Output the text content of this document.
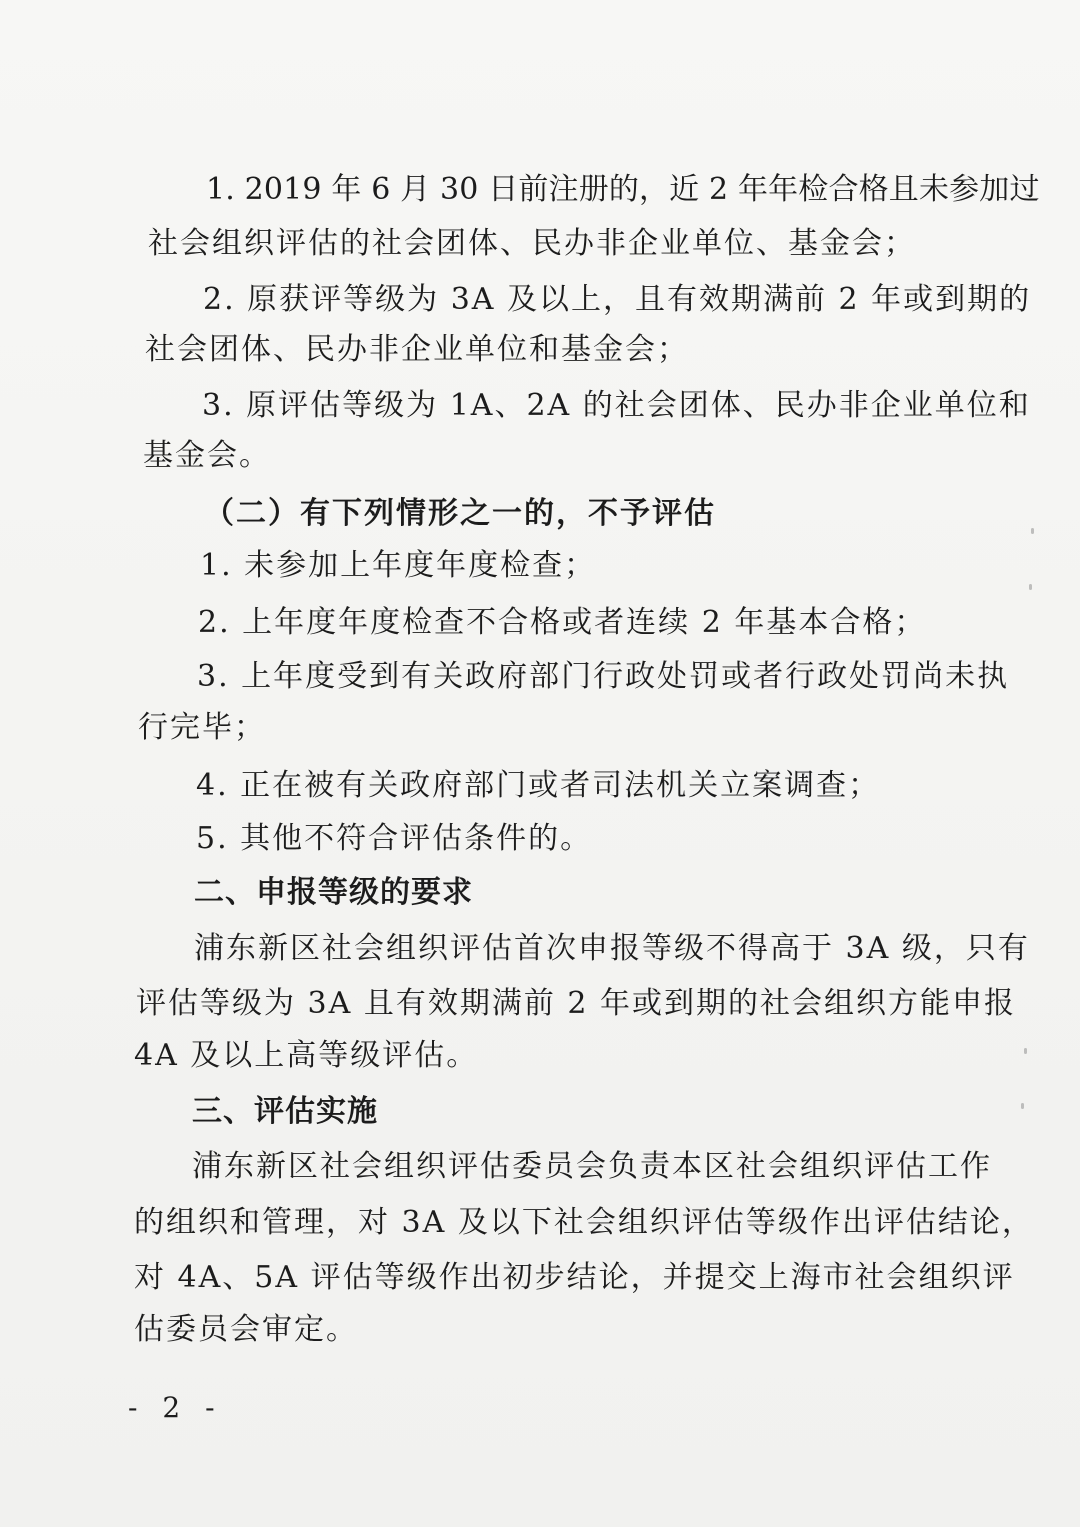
1. 2019 年 6 月 30 日前注册的，近 2 年年检合格且未参加过
社会组织评估的社会团体、民办非企业单位、基金会；
2. 原获评等级为 3A 及以上，且有效期满前 2 年或到期的
社会团体、民办非企业单位和基金会；
3. 原评估等级为 1A、2A 的社会团体、民办非企业单位和
基金会。
（二）有下列情形之一的，不予评估
1. 未参加上年度年度检查；
2. 上年度年度检查不合格或者连续 2 年基本合格；
3. 上年度受到有关政府部门行政处罚或者行政处罚尚未执
行完毕；
4. 正在被有关政府部门或者司法机关立案调查；
5. 其他不符合评估条件的。
二、申报等级的要求
浦东新区社会组织评估首次申报等级不得高于 3A 级，只有
评估等级为 3A 且有效期满前 2 年或到期的社会组织方能申报
4A 及以上高等级评估。
三、评估实施
浦东新区社会组织评估委员会负责本区社会组织评估工作
的组织和管理，对 3A 及以下社会组织评估等级作出评估结论，
对 4A、5A 评估等级作出初步结论，并提交上海市社会组织评
估委员会审定。
- 2 -
